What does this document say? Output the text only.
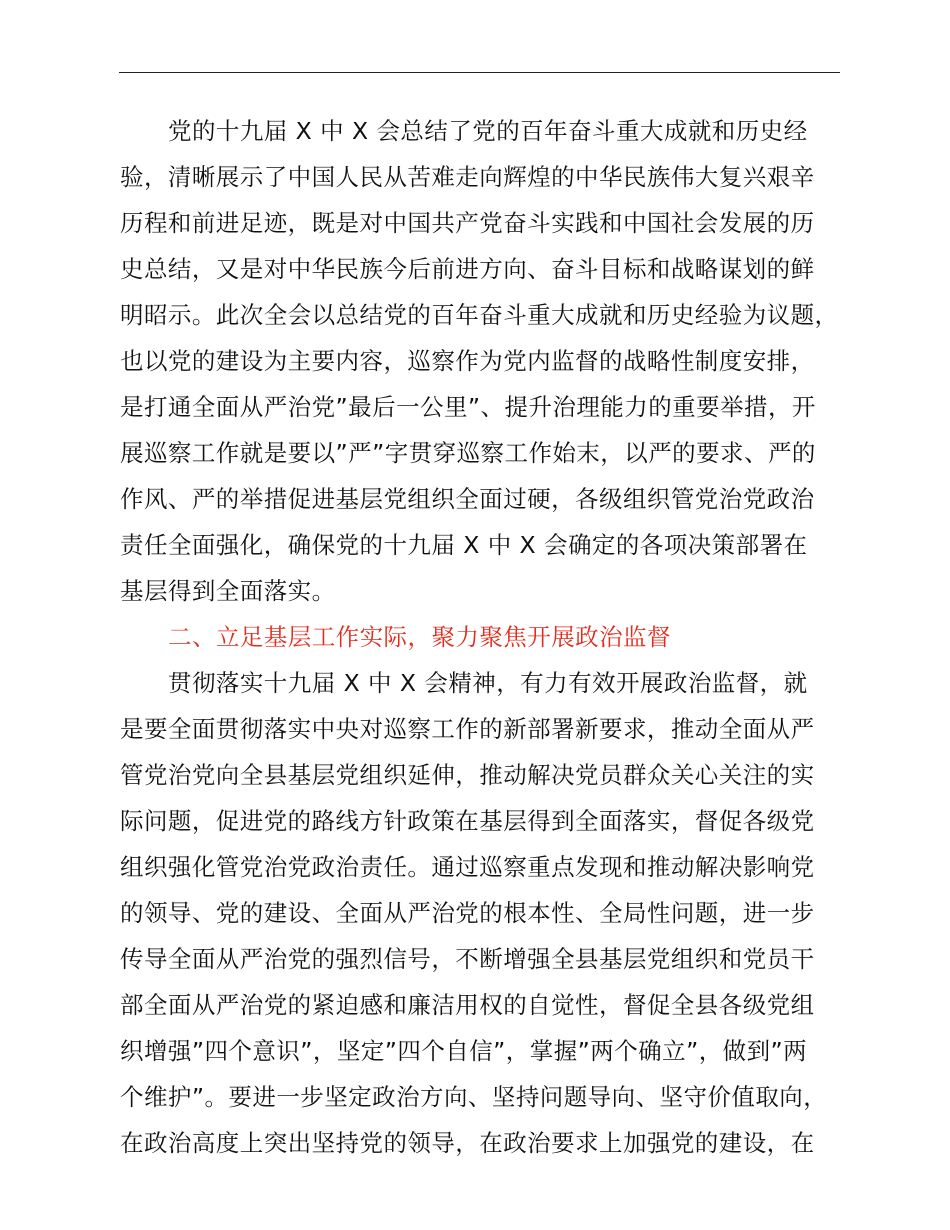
党的十九届 X 中 X 会总结了党的百年奋斗重大成就和历史经
验，清晰展示了中国人民从苦难走向辉煌的中华民族伟大复兴艰辛
历程和前进足迹，既是对中国共产党奋斗实践和中国社会发展的历
史总结，又是对中华民族今后前进方向、奋斗目标和战略谋划的鲜
明昭示。此次全会以总结党的百年奋斗重大成就和历史经验为议题，
也以党的建设为主要内容，巡察作为党内监督的战略性制度安排，
是打通全面从严治党”最后一公里”、提升治理能力的重要举措，开
展巡察工作就是要以”严”字贯穿巡察工作始末，以严的要求、严的
作风、严的举措促进基层党组织全面过硬，各级组织管党治党政治
责任全面强化，确保党的十九届 X 中 X 会确定的各项决策部署在
基层得到全面落实。
二、立足基层工作实际，聚力聚焦开展政治监督
贯彻落实十九届 X 中 X 会精神，有力有效开展政治监督，就
是要全面贯彻落实中央对巡察工作的新部署新要求，推动全面从严
管党治党向全县基层党组织延伸，推动解决党员群众关心关注的实
际问题，促进党的路线方针政策在基层得到全面落实，督促各级党
组织强化管党治党政治责任。通过巡察重点发现和推动解决影响党
的领导、党的建设、全面从严治党的根本性、全局性问题，进一步
传导全面从严治党的强烈信号，不断增强全县基层党组织和党员干
部全面从严治党的紧迫感和廉洁用权的自觉性，督促全县各级党组
织增强”四个意识”，坚定”四个自信”，掌握”两个确立”，做到”两
个维护”。要进一步坚定政治方向、坚持问题导向、坚守价值取向，
在政治高度上突出坚持党的领导，在政治要求上加强党的建设，在
